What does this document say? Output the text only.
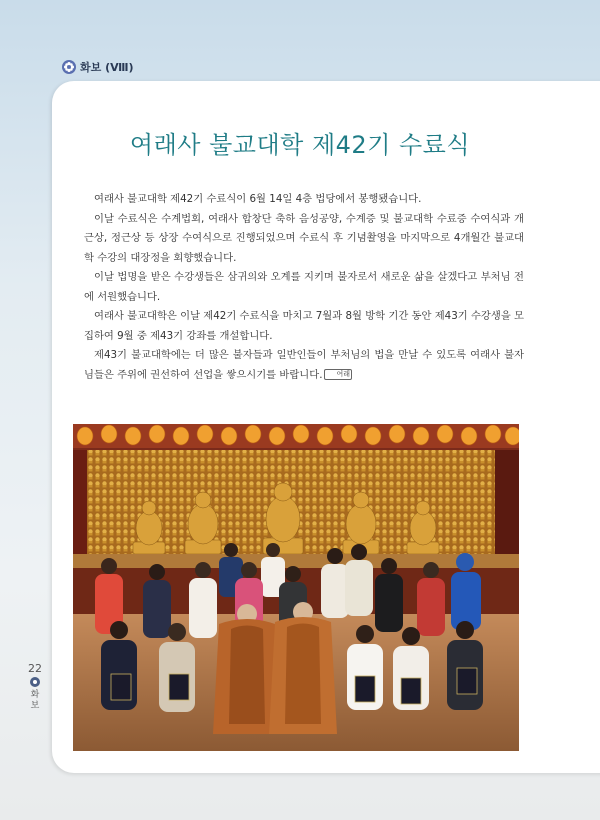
화보 (Ⅷ)
22
화
보
여래사 불교대학 제42기 수료식

여래사 불교대학 제42기 수료식이 6월 14일 4층 법당에서 봉행됐습니다.

이날 수료식은 수계법회, 여래사 합창단 축하 음성공양, 수계증 및 불교대학 수료증 수여식과 개근상, 정근상 등 상장 수여식으로 진행되었으며 수료식 후 기념촬영을 마지막으로 4개월간 불교대학 수강의 대장정을 회향했습니다.

이날 법명을 받은 수강생들은 삼귀의와 오계를 지키며 불자로서 새로운 삶을 살겠다고 부처님 전에 서원했습니다.

여래사 불교대학은 이날 제42기 수료식을 마치고 7월과 8월 방학 기간 동안 제43기 수강생을 모집하여 9월 중 제43기 강좌를 개설합니다.

제43기 불교대학에는 더 많은 불자들과 일반인들이 부처님의 법을 만날 수 있도록 여래사 불자님들은 주위에 권선하여 선업을 쌓으시기를 바랍니다. 여래
